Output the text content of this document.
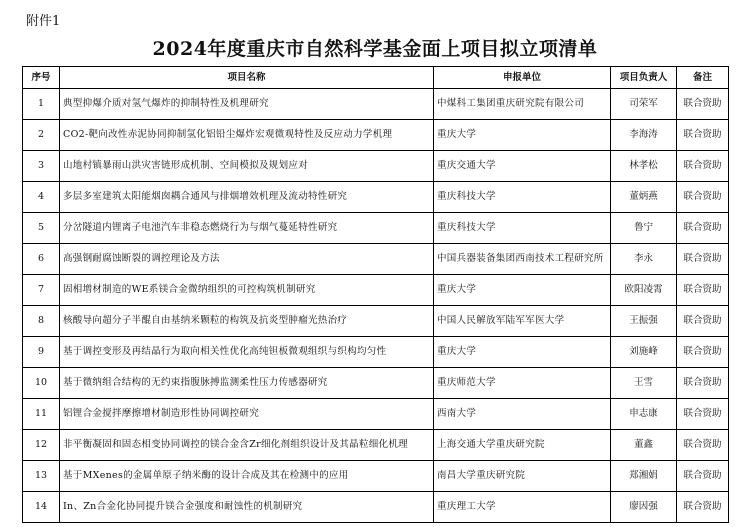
附件1
2024年度重庆市自然科学基金面上项目拟立项清单
序号	项目名称	申报单位	项目负责人	备注
1	典型抑爆介质对氢气爆炸的抑制特性及机理研究	中煤科工集团重庆研究院有限公司	司荣军	联合资助
2	CO2-靶向改性赤泥协同抑制氢化铝铅尘爆炸宏观微观特性及反应动力学机理	重庆大学	李海涛	联合资助
3	山地村镇暴雨山洪灾害链形成机制、空间模拟及规划应对	重庆交通大学	林孝松	联合资助
4	多层多室建筑太阳能烟囱耦合通风与排烟增效机理及流动特性研究	重庆科技大学	董炳燕	联合资助
5	分岔隧道内锂离子电池汽车非稳态燃烧行为与烟气蔓延特性研究	重庆科技大学	鲁宁	联合资助
6	高强钢耐腐蚀断裂的调控理论及方法	中国兵器装备集团西南技术工程研究所	李永	联合资助
7	固相增材制造的WE系镁合金微纳组织的可控构筑机制研究	重庆大学	欧阳凌霄	联合资助
8	核酸导向超分子半醌自由基纳米颗粒的构筑及抗炎型肿瘤光热治疗	中国人民解放军陆军军医大学	王振强	联合资助
9	基于调控变形及再结晶行为取向相关性优化高纯钽板微观组织与织构均匀性	重庆大学	刘施峰	联合资助
10	基于微纳组合结构的无约束指腹脉搏监测柔性压力传感器研究	重庆师范大学	王雪	联合资助
11	铝锂合金搅拌摩擦增材制造形性协同调控研究	西南大学	申志康	联合资助
12	非平衡凝固和固态相变协同调控的镁合金含Zr细化剂组织设计及其晶粒细化机理	上海交通大学重庆研究院	董鑫	联合资助
13	基于MXenes的金属单原子纳米酶的设计合成及其在检测中的应用	南昌大学重庆研究院	郑湘娟	联合资助
14	In、Zn合金化协同提升镁合金强度和耐蚀性的机制研究	重庆理工大学	廖因强	联合资助
